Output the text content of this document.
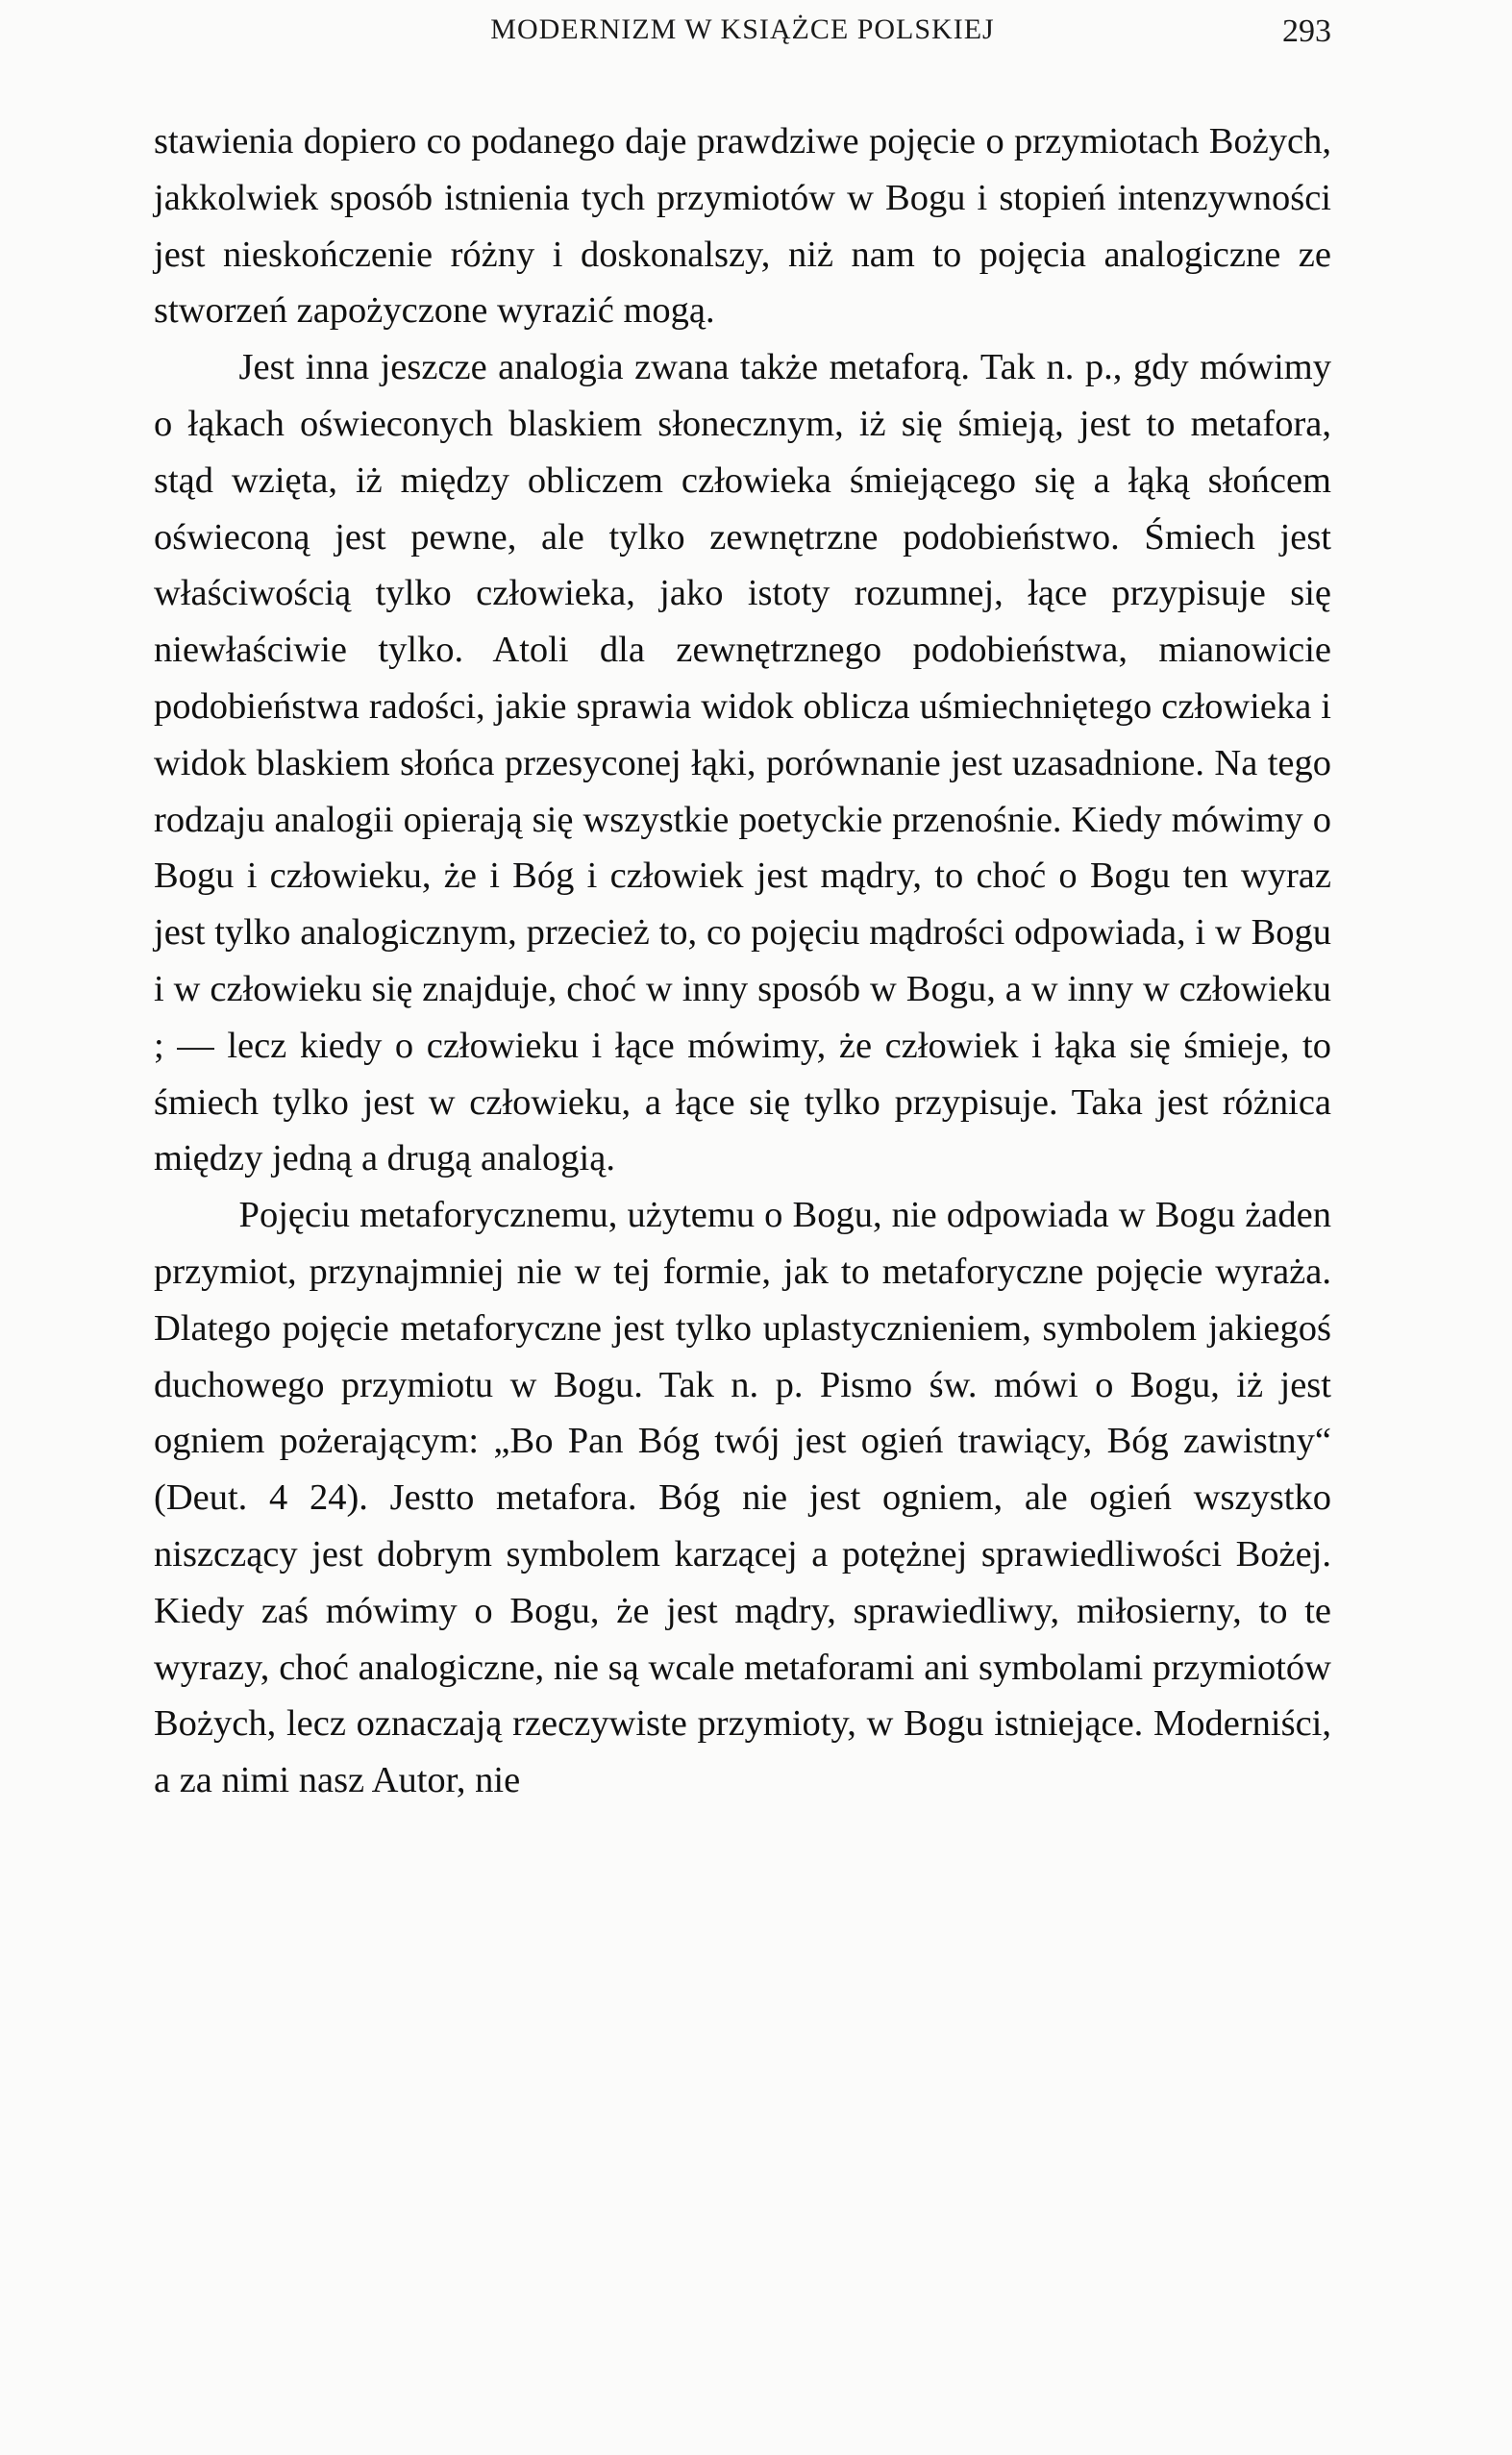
MODERNIZM W KSIĄŻCE POLSKIEJ	293

stawienia dopiero co podanego daje prawdziwe pojęcie o przymiotach Bożych, jakkolwiek sposób istnienia tych przymiotów w Bogu i stopień intenzywności jest nieskończenie różny i doskonalszy, niż nam to pojęcia analogiczne ze stworzeń zapożyczone wyrazić mogą.

Jest inna jeszcze analogia zwana także metaforą. Tak n. p., gdy mówimy o łąkach oświeconych blaskiem słonecznym, iż się śmieją, jest to metafora, stąd wzięta, iż między obliczem człowieka śmiejącego się a łąką słońcem oświeconą jest pewne, ale tylko zewnętrzne podobieństwo. Śmiech jest właściwością tylko człowieka, jako istoty rozumnej, łące przypisuje się niewłaściwie tylko. Atoli dla zewnętrznego podobieństwa, mianowicie podobieństwa radości, jakie sprawia widok oblicza uśmiechniętego człowieka i widok blaskiem słońca przesyconej łąki, porównanie jest uzasadnione. Na tego rodzaju analogii opierają się wszystkie poetyckie przenośnie. Kiedy mówimy o Bogu i człowieku, że i Bóg i człowiek jest mądry, to choć o Bogu ten wyraz jest tylko analogicznym, przecież to, co pojęciu mądrości odpowiada, i w Bogu i w człowieku się znajduje, choć w inny sposób w Bogu, a w inny w człowieku ; — lecz kiedy o człowieku i łące mówimy, że człowiek i łąka się śmieje, to śmiech tylko jest w człowieku, a łące się tylko przypisuje. Taka jest różnica między jedną a drugą analogią.

Pojęciu metaforycznemu, użytemu o Bogu, nie odpowiada w Bogu żaden przymiot, przynajmniej nie w tej formie, jak to metaforyczne pojęcie wyraża. Dlatego pojęcie metaforyczne jest tylko uplastycznieniem, symbolem jakiegoś duchowego przymiotu w Bogu. Tak n. p. Pismo św. mówi o Bogu, iż jest ogniem pożerającym: „Bo Pan Bóg twój jest ogień trawiący, Bóg zawistny“ (Deut. 4 24). Jestto metafora. Bóg nie jest ogniem, ale ogień wszystko niszczący jest dobrym symbolem karzącej a potężnej sprawiedliwości Bożej. Kiedy zaś mówimy o Bogu, że jest mądry, sprawiedliwy, miłosierny, to te wyrazy, choć analogiczne, nie są wcale metaforami ani symbolami przymiotów Bożych, lecz oznaczają rzeczywiste przymioty, w Bogu istniejące. Moderniści, a za nimi nasz Autor, nie
